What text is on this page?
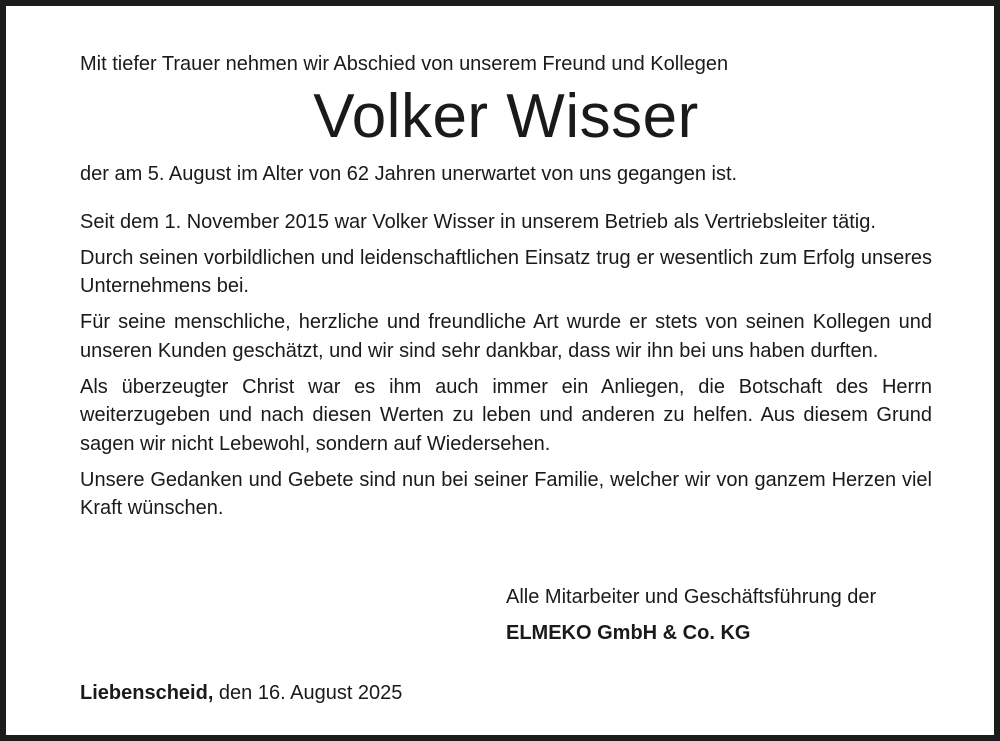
Mit tiefer Trauer nehmen wir Abschied von unserem Freund und Kollegen

Volker Wisser

der am 5. August im Alter von 62 Jahren unerwartet von uns gegangen ist.

Seit dem 1. November 2015 war Volker Wisser in unserem Betrieb als Vertriebsleiter tätig.

Durch seinen vorbildlichen und leidenschaftlichen Einsatz trug er wesentlich zum Erfolg unseres Unternehmens bei.

Für seine menschliche, herzliche und freundliche Art wurde er stets von seinen Kollegen und unseren Kunden geschätzt, und wir sind sehr dankbar, dass wir ihn bei uns haben durften.

Als überzeugter Christ war es ihm auch immer ein Anliegen, die Botschaft des Herrn weiterzugeben und nach diesen Werten zu leben und anderen zu helfen. Aus diesem Grund sagen wir nicht Lebewohl, sondern auf Wiedersehen.

Unsere Gedanken und Gebete sind nun bei seiner Familie, welcher wir von ganzem Herzen viel Kraft wünschen.

Alle Mitarbeiter und Geschäftsführung der

ELMEKO GmbH & Co. KG

Liebenscheid, den 16. August 2025
